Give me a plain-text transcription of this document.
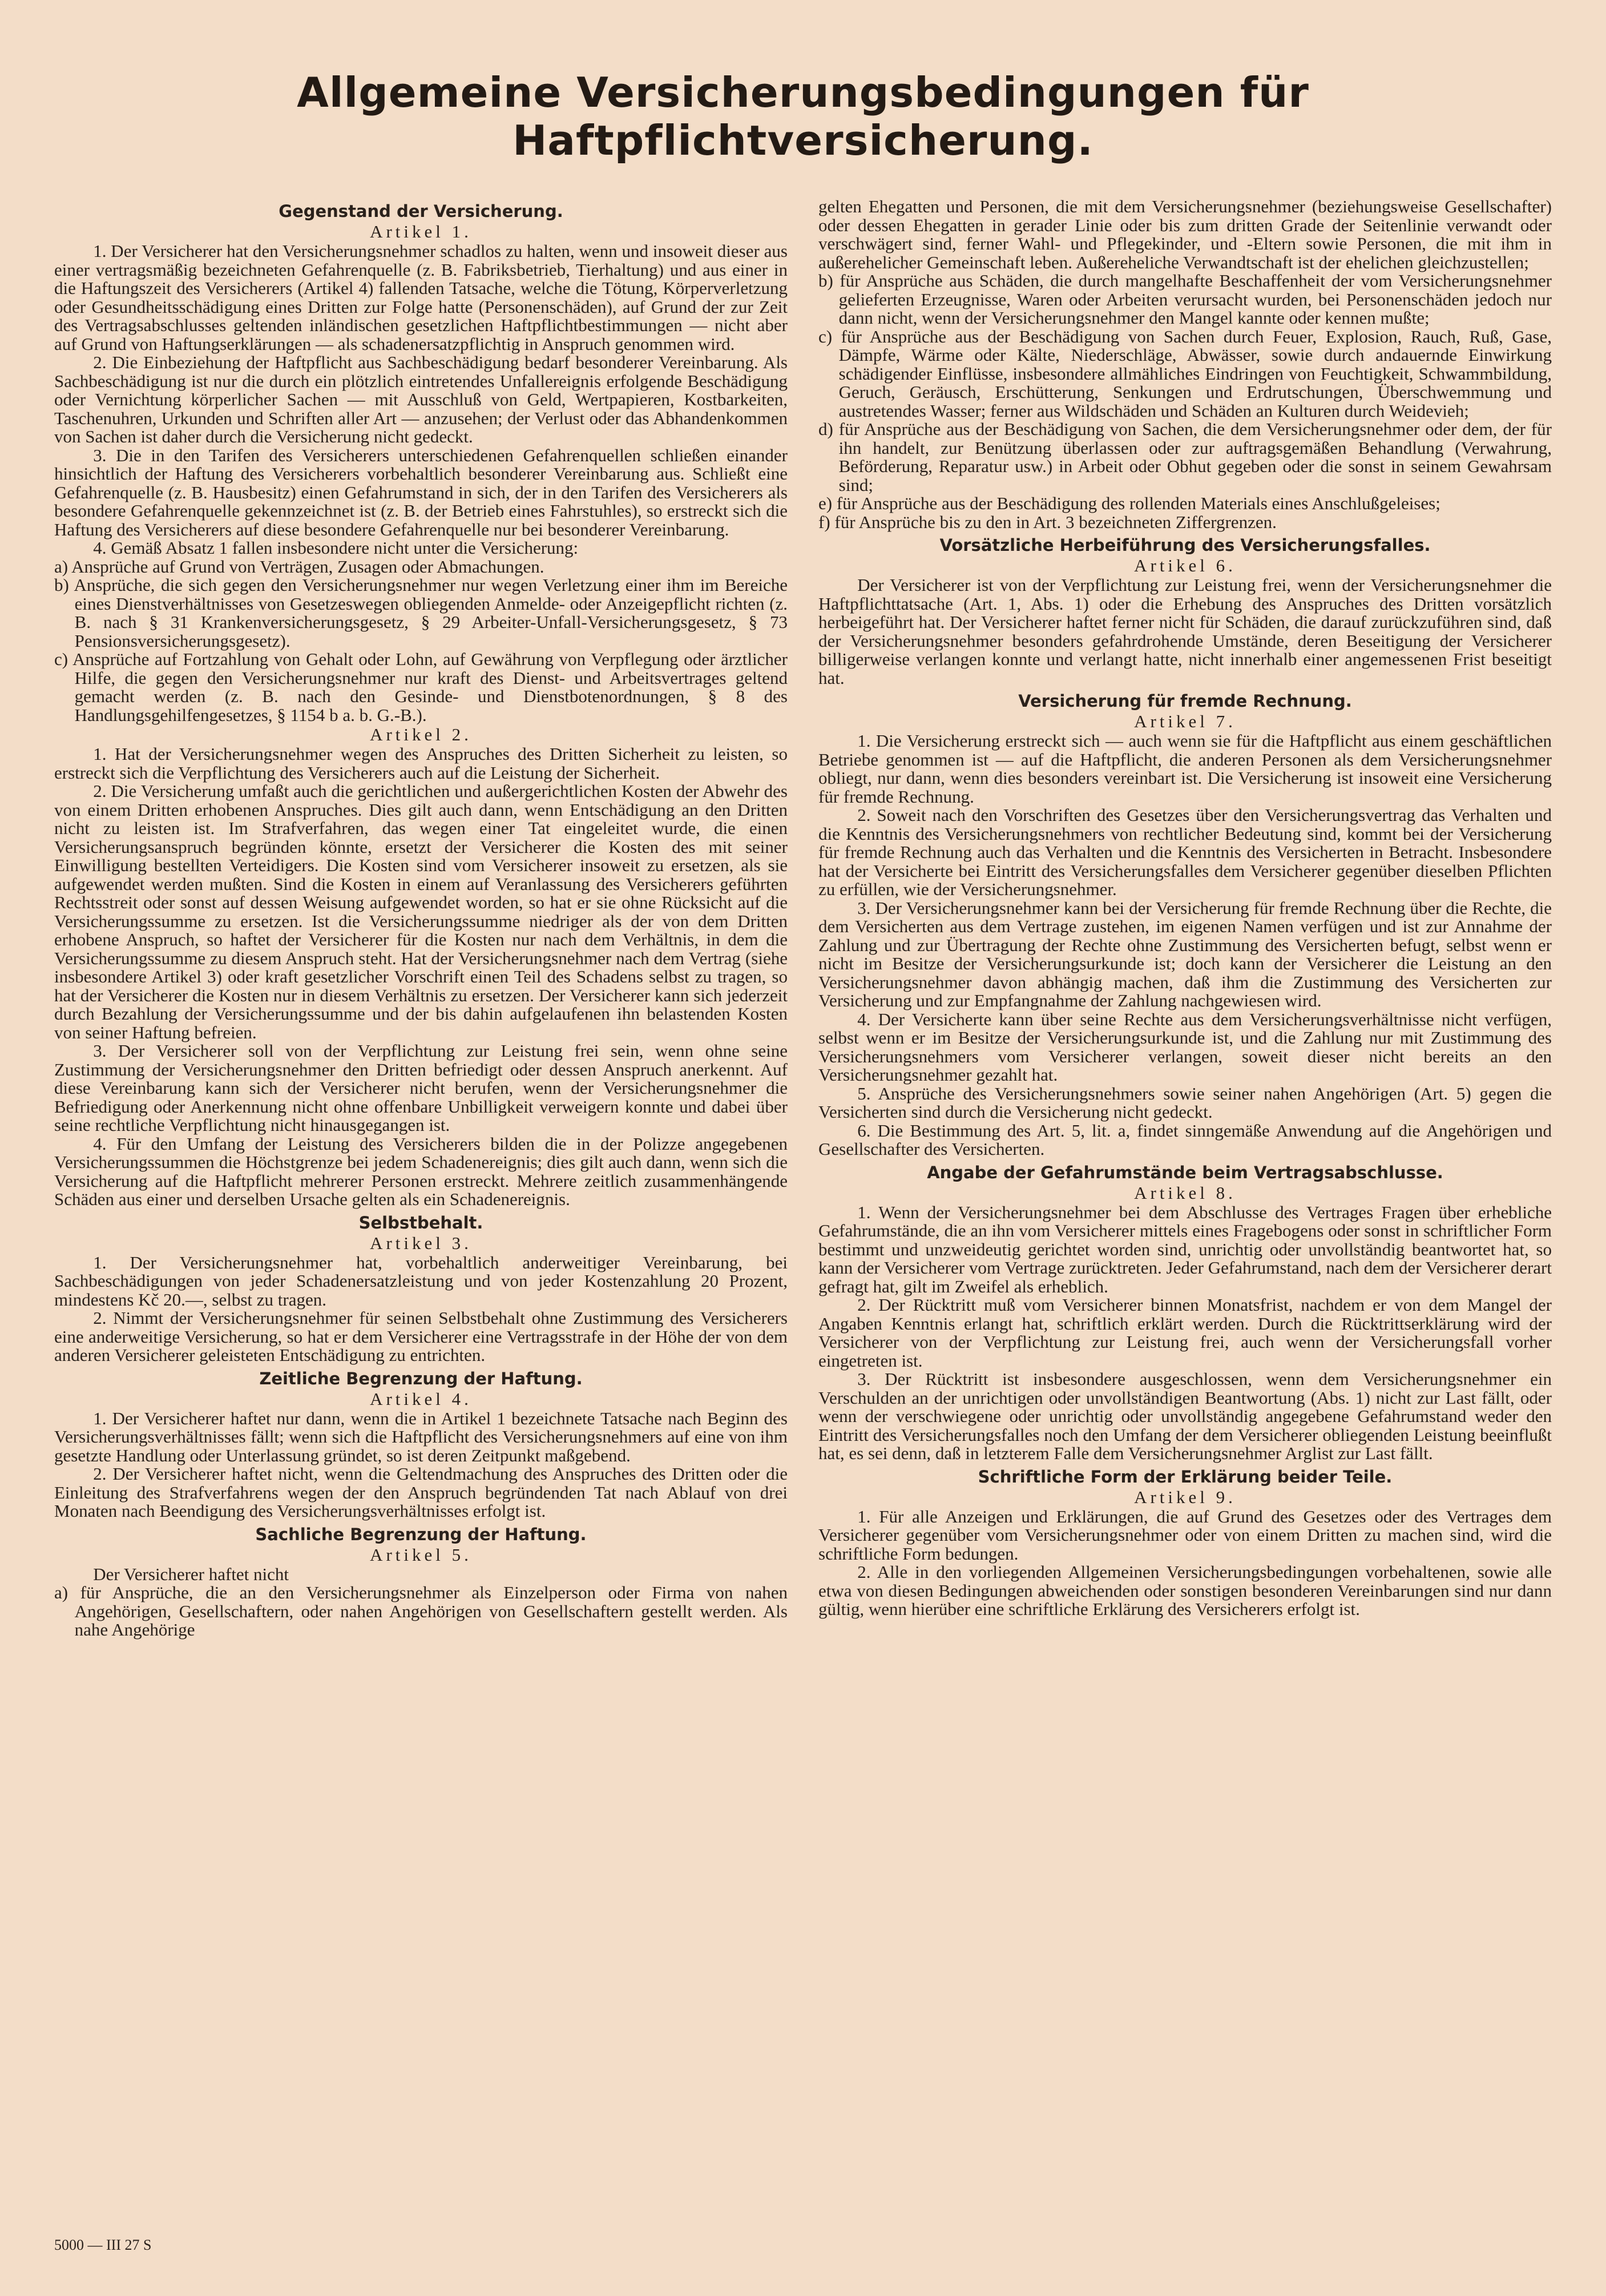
Allgemeine Versicherungsbedingungen für Haftpflichtversicherung.
Gegenstand der Versicherung.
Artikel 1.

1. Der Versicherer hat den Versicherungsnehmer schadlos zu halten, wenn und insoweit dieser aus einer vertragsmäßig bezeichneten Gefahrenquelle (z. B. Fabriksbetrieb, Tierhaltung) und aus einer in die Haftungszeit des Versicherers (Artikel 4) fallenden Tatsache, welche die Tötung, Körperverletzung oder Gesundheitsschädigung eines Dritten zur Folge hatte (Personenschäden), auf Grund der zur Zeit des Vertragsabschlusses geltenden inländischen gesetzlichen Haftpflichtbestimmungen — nicht aber auf Grund von Haftungserklärungen — als schadenersatzpflichtig in Anspruch genommen wird.

2. Die Einbeziehung der Haftpflicht aus Sachbeschädigung bedarf besonderer Vereinbarung. Als Sachbeschädigung ist nur die durch ein plötzlich eintretendes Unfallereignis erfolgende Beschädigung oder Vernichtung körperlicher Sachen — mit Ausschluß von Geld, Wertpapieren, Kostbarkeiten, Taschenuhren, Urkunden und Schriften aller Art — anzusehen; der Verlust oder das Abhandenkommen von Sachen ist daher durch die Versicherung nicht gedeckt.

3. Die in den Tarifen des Versicherers unterschiedenen Gefahrenquellen schließen einander hinsichtlich der Haftung des Versicherers vorbehaltlich besonderer Vereinbarung aus. Schließt eine Gefahrenquelle (z. B. Hausbesitz) einen Gefahrumstand in sich, der in den Tarifen des Versicherers als besondere Gefahrenquelle gekennzeichnet ist (z. B. der Betrieb eines Fahrstuhles), so erstreckt sich die Haftung des Versicherers auf diese besondere Gefahrenquelle nur bei besonderer Vereinbarung.

4. Gemäß Absatz 1 fallen insbesondere nicht unter die Versicherung:

a) Ansprüche auf Grund von Verträgen, Zusagen oder Abmachungen.
b) Ansprüche, die sich gegen den Versicherungsnehmer nur wegen Verletzung einer ihm im Bereiche eines Dienstverhältnisses von Gesetzeswegen obliegenden Anmelde- oder Anzeigepflicht richten (z. B. nach § 31 Krankenversicherungsgesetz, § 29 Arbeiter-Unfall-Versicherungsgesetz, § 73 Pensionsversicherungsgesetz).
c) Ansprüche auf Fortzahlung von Gehalt oder Lohn, auf Gewährung von Verpflegung oder ärztlicher Hilfe, die gegen den Versicherungsnehmer nur kraft des Dienst- und Arbeitsvertrages geltend gemacht werden (z. B. nach den Gesinde- und Dienstbotenordnungen, § 8 des Handlungsgehilfengesetzes, § 1154 b a. b. G.-B.).
Artikel 2.

1. Hat der Versicherungsnehmer wegen des Anspruches des Dritten Sicherheit zu leisten, so erstreckt sich die Verpflichtung des Versicherers auch auf die Leistung der Sicherheit.

2. Die Versicherung umfaßt auch die gerichtlichen und außergerichtlichen Kosten der Abwehr des von einem Dritten erhobenen Anspruches. Dies gilt auch dann, wenn Entschädigung an den Dritten nicht zu leisten ist. Im Strafverfahren, das wegen einer Tat eingeleitet wurde, die einen Versicherungsanspruch begründen könnte, ersetzt der Versicherer die Kosten des mit seiner Einwilligung bestellten Verteidigers. Die Kosten sind vom Versicherer insoweit zu ersetzen, als sie aufgewendet werden mußten. Sind die Kosten in einem auf Veranlassung des Versicherers geführten Rechtsstreit oder sonst auf dessen Weisung aufgewendet worden, so hat er sie ohne Rücksicht auf die Versicherungssumme zu ersetzen. Ist die Versicherungssumme niedriger als der von dem Dritten erhobene Anspruch, so haftet der Versicherer für die Kosten nur nach dem Verhältnis, in dem die Versicherungssumme zu diesem Anspruch steht. Hat der Versicherungsnehmer nach dem Vertrag (siehe insbesondere Artikel 3) oder kraft gesetzlicher Vorschrift einen Teil des Schadens selbst zu tragen, so hat der Versicherer die Kosten nur in diesem Verhältnis zu ersetzen. Der Versicherer kann sich jederzeit durch Bezahlung der Versicherungssumme und der bis dahin aufgelaufenen ihn belastenden Kosten von seiner Haftung befreien.

3. Der Versicherer soll von der Verpflichtung zur Leistung frei sein, wenn ohne seine Zustimmung der Versicherungsnehmer den Dritten befriedigt oder dessen Anspruch anerkennt. Auf diese Vereinbarung kann sich der Versicherer nicht berufen, wenn der Versicherungsnehmer die Befriedigung oder Anerkennung nicht ohne offenbare Unbilligkeit verweigern konnte und dabei über seine rechtliche Verpflichtung nicht hinausgegangen ist.

4. Für den Umfang der Leistung des Versicherers bilden die in der Polizze angegebenen Versicherungssummen die Höchstgrenze bei jedem Schadenereignis; dies gilt auch dann, wenn sich die Versicherung auf die Haftpflicht mehrerer Personen erstreckt. Mehrere zeitlich zusammenhängende Schäden aus einer und derselben Ursache gelten als ein Schadenereignis.

Selbstbehalt.
Artikel 3.

1. Der Versicherungsnehmer hat, vorbehaltlich anderweitiger Vereinbarung, bei Sachbeschädigungen von jeder Schadenersatzleistung und von jeder Kostenzahlung 20 Prozent, mindestens Kč 20.—, selbst zu tragen.

2. Nimmt der Versicherungsnehmer für seinen Selbstbehalt ohne Zustimmung des Versicherers eine anderweitige Versicherung, so hat er dem Versicherer eine Vertragsstrafe in der Höhe der von dem anderen Versicherer geleisteten Entschädigung zu entrichten.

Zeitliche Begrenzung der Haftung.
Artikel 4.

1. Der Versicherer haftet nur dann, wenn die in Artikel 1 bezeichnete Tatsache nach Beginn des Versicherungsverhältnisses fällt; wenn sich die Haftpflicht des Versicherungsnehmers auf eine von ihm gesetzte Handlung oder Unterlassung gründet, so ist deren Zeitpunkt maßgebend.

2. Der Versicherer haftet nicht, wenn die Geltendmachung des Anspruches des Dritten oder die Einleitung des Strafverfahrens wegen der den Anspruch begründenden Tat nach Ablauf von drei Monaten nach Beendigung des Versicherungsverhältnisses erfolgt ist.

Sachliche Begrenzung der Haftung.
Artikel 5.

Der Versicherer haftet nicht

a) für Ansprüche, die an den Versicherungsnehmer als Einzelperson oder Firma von nahen Angehörigen, Gesellschaftern, oder nahen Angehörigen von Gesellschaftern gestellt werden. Als nahe Angehörige

gelten Ehegatten und Personen, die mit dem Versicherungsnehmer (beziehungsweise Gesellschafter) oder dessen Ehegatten in gerader Linie oder bis zum dritten Grade der Seitenlinie verwandt oder verschwägert sind, ferner Wahl- und Pflegekinder, und -Eltern sowie Personen, die mit ihm in außerehelicher Gemeinschaft leben. Außereheliche Verwandtschaft ist der ehelichen gleichzustellen;

b) für Ansprüche aus Schäden, die durch mangelhafte Beschaffenheit der vom Versicherungsnehmer gelieferten Erzeugnisse, Waren oder Arbeiten verursacht wurden, bei Personenschäden jedoch nur dann nicht, wenn der Versicherungsnehmer den Mangel kannte oder kennen mußte;
c) für Ansprüche aus der Beschädigung von Sachen durch Feuer, Explosion, Rauch, Ruß, Gase, Dämpfe, Wärme oder Kälte, Niederschläge, Abwässer, sowie durch andauernde Einwirkung schädigender Einflüsse, insbesondere allmähliches Eindringen von Feuchtigkeit, Schwammbildung, Geruch, Geräusch, Erschütterung, Senkungen und Erdrutschungen, Überschwemmung und austretendes Wasser; ferner aus Wildschäden und Schäden an Kulturen durch Weidevieh;
d) für Ansprüche aus der Beschädigung von Sachen, die dem Versicherungsnehmer oder dem, der für ihn handelt, zur Benützung überlassen oder zur auftragsgemäßen Behandlung (Verwahrung, Beförderung, Reparatur usw.) in Arbeit oder Obhut gegeben oder die sonst in seinem Gewahrsam sind;
e) für Ansprüche aus der Beschädigung des rollenden Materials eines Anschlußgeleises;
f) für Ansprüche bis zu den in Art. 3 bezeichneten Ziffergrenzen.
Vorsätzliche Herbeiführung des Versicherungsfalles.
Artikel 6.

Der Versicherer ist von der Verpflichtung zur Leistung frei, wenn der Versicherungsnehmer die Haftpflichttatsache (Art. 1, Abs. 1) oder die Erhebung des Anspruches des Dritten vorsätzlich herbeigeführt hat. Der Versicherer haftet ferner nicht für Schäden, die darauf zurückzuführen sind, daß der Versicherungsnehmer besonders gefahrdrohende Umstände, deren Beseitigung der Versicherer billigerweise verlangen konnte und verlangt hatte, nicht innerhalb einer angemessenen Frist beseitigt hat.

Versicherung für fremde Rechnung.
Artikel 7.

1. Die Versicherung erstreckt sich — auch wenn sie für die Haftpflicht aus einem geschäftlichen Betriebe genommen ist — auf die Haftpflicht, die anderen Personen als dem Versicherungsnehmer obliegt, nur dann, wenn dies besonders vereinbart ist. Die Versicherung ist insoweit eine Versicherung für fremde Rechnung.

2. Soweit nach den Vorschriften des Gesetzes über den Versicherungsvertrag das Verhalten und die Kenntnis des Versicherungsnehmers von rechtlicher Bedeutung sind, kommt bei der Versicherung für fremde Rechnung auch das Verhalten und die Kenntnis des Versicherten in Betracht. Insbesondere hat der Versicherte bei Eintritt des Versicherungsfalles dem Versicherer gegenüber dieselben Pflichten zu erfüllen, wie der Versicherungsnehmer.

3. Der Versicherungsnehmer kann bei der Versicherung für fremde Rechnung über die Rechte, die dem Versicherten aus dem Vertrage zustehen, im eigenen Namen verfügen und ist zur Annahme der Zahlung und zur Übertragung der Rechte ohne Zustimmung des Versicherten befugt, selbst wenn er nicht im Besitze der Versicherungsurkunde ist; doch kann der Versicherer die Leistung an den Versicherungsnehmer davon abhängig machen, daß ihm die Zustimmung des Versicherten zur Versicherung und zur Empfangnahme der Zahlung nachgewiesen wird.

4. Der Versicherte kann über seine Rechte aus dem Versicherungsverhältnisse nicht verfügen, selbst wenn er im Besitze der Versicherungsurkunde ist, und die Zahlung nur mit Zustimmung des Versicherungsnehmers vom Versicherer verlangen, soweit dieser nicht bereits an den Versicherungsnehmer gezahlt hat.

5. Ansprüche des Versicherungsnehmers sowie seiner nahen Angehörigen (Art. 5) gegen die Versicherten sind durch die Versicherung nicht gedeckt.

6. Die Bestimmung des Art. 5, lit. a, findet sinngemäße Anwendung auf die Angehörigen und Gesellschafter des Versicherten.

Angabe der Gefahrumstände beim Vertragsabschlusse.
Artikel 8.

1. Wenn der Versicherungsnehmer bei dem Abschlusse des Vertrages Fragen über erhebliche Gefahrumstände, die an ihn vom Versicherer mittels eines Fragebogens oder sonst in schriftlicher Form bestimmt und unzweideutig gerichtet worden sind, unrichtig oder unvollständig beantwortet hat, so kann der Versicherer vom Vertrage zurücktreten. Jeder Gefahrumstand, nach dem der Versicherer derart gefragt hat, gilt im Zweifel als erheblich.

2. Der Rücktritt muß vom Versicherer binnen Monatsfrist, nachdem er von dem Mangel der Angaben Kenntnis erlangt hat, schriftlich erklärt werden. Durch die Rücktrittserklärung wird der Versicherer von der Verpflichtung zur Leistung frei, auch wenn der Versicherungsfall vorher eingetreten ist.

3. Der Rücktritt ist insbesondere ausgeschlossen, wenn dem Versicherungsnehmer ein Verschulden an der unrichtigen oder unvollständigen Beantwortung (Abs. 1) nicht zur Last fällt, oder wenn der verschwiegene oder unrichtig oder unvollständig angegebene Gefahrumstand weder den Eintritt des Versicherungsfalles noch den Umfang der dem Versicherer obliegenden Leistung beeinflußt hat, es sei denn, daß in letzterem Falle dem Versicherungsnehmer Arglist zur Last fällt.

Schriftliche Form der Erklärung beider Teile.
Artikel 9.

1. Für alle Anzeigen und Erklärungen, die auf Grund des Gesetzes oder des Vertrages dem Versicherer gegenüber vom Versicherungsnehmer oder von einem Dritten zu machen sind, wird die schriftliche Form bedungen.

2. Alle in den vorliegenden Allgemeinen Versicherungsbedingungen vorbehaltenen, sowie alle etwa von diesen Bedingungen abweichenden oder sonstigen besonderen Vereinbarungen sind nur dann gültig, wenn hierüber eine schriftliche Erklärung des Versicherers erfolgt ist.

5000 — III 27 S
